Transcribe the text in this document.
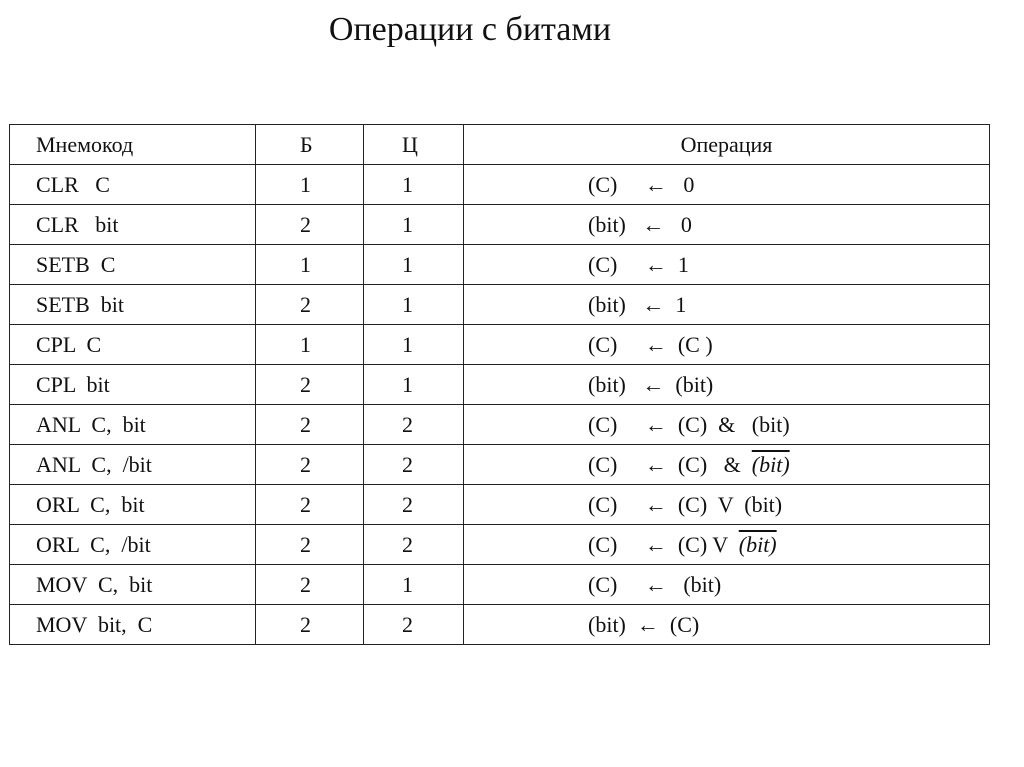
Операции с битами
Мнемокод	Б	Ц	Операция
CLR   C	1	1	(C)     ←   0
CLR   bit	2	1	(bit)   ←   0
SETB  C	1	1	(C)     ←  1
SETB  bit	2	1	(bit)   ←  1
CPL  C	1	1	(C)     ←  (C )
CPL  bit	2	1	(bit)   ←  (bit)
ANL  C,  bit	2	2	(C)     ←  (C)  &   (bit)
ANL  C,  /bit	2	2	(C)     ←  (C)   &  (bit)
ORL  C,  bit	2	2	(C)     ←  (C)  V  (bit)
ORL  C,  /bit	2	2	(C)     ←  (C) V  (bit)
MOV  C,  bit	2	1	(C)     ←   (bit)
MOV  bit,  C	2	2	(bit)  ←  (C)
